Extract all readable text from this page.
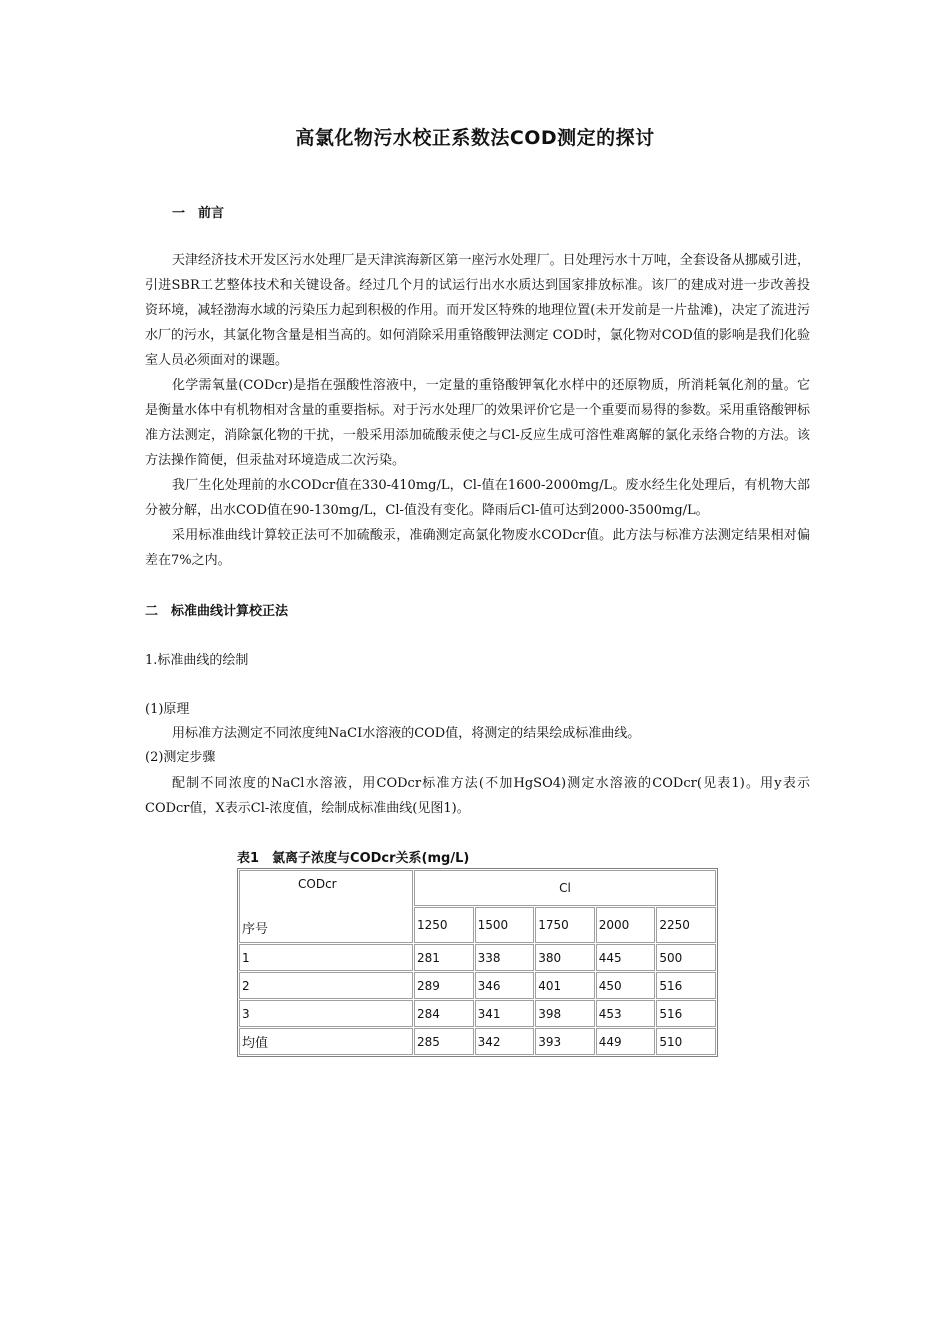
高氯化物污水校正系数法COD测定的探讨
一　前言

天津经济技术开发区污水处理厂是天津滨海新区第一座污水处理厂。日处理污水十万吨，全套设备从挪威引进，引进SBR工艺整体技术和关键设备。经过几个月的试运行出水水质达到国家排放标准。该厂的建成对进一步改善投资环境，减轻渤海水域的污染压力起到积极的作用。而开发区特殊的地理位置(未开发前是一片盐滩)，决定了流进污水厂的污水，其氯化物含量是相当高的。如何消除采用重铬酸钾法测定 COD时，氯化物对COD值的影响是我们化验室人员必须面对的课题。

化学需氧量(CODcr)是指在强酸性溶液中，一定量的重铬酸钾氧化水样中的还原物质，所消耗氧化剂的量。它是衡量水体中有机物相对含量的重要指标。对于污水处理厂的效果评价它是一个重要而易得的参数。采用重铬酸钾标准方法测定，消除氯化物的干扰，一般采用添加硫酸汞使之与Cl-反应生成可溶性难离解的氯化汞络合物的方法。该方法操作简便，但汞盐对环境造成二次污染。

我厂生化处理前的水CODcr值在330-410mg/L，Cl-值在1600-2000mg/L。废水经生化处理后，有机物大部分被分解，出水COD值在90-130mg/L，Cl-值没有变化。降雨后Cl-值可达到2000-3500mg/L。

采用标准曲线计算较正法可不加硫酸汞，准确测定高氯化物废水CODcr值。此方法与标准方法测定结果相对偏差在7%之内。

二　标准曲线计算校正法
1.标准曲线的绘制
(1)原理
用标准方法测定不同浓度纯NaCI水溶液的COD值，将测定的结果绘成标准曲线。
(2)测定步骤

配制不同浓度的NaCl水溶液，用CODcr标准方法(不加HgSO4)测定水溶液的CODcr(见表1)。用y表示CODcr值，X表示Cl-浓度值，绘制成标准曲线(见图1)。

表1　氯离子浓度与CODcr关系(mg/L)
CODcr
序号	Cl				
	1250	1500	1750	2000	2250
1	281	338	380	445	500
2	289	346	401	450	516
3	284	341	398	453	516
均值	285	342	393	449	510
